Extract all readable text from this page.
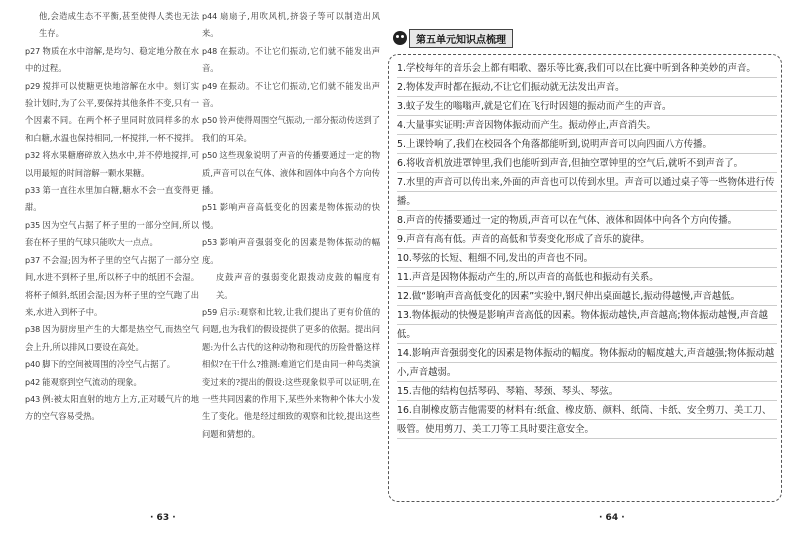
他,会造成生态不平衡,甚至使得人类也无法生存。

p27 物质在水中溶解,是均匀、稳定地分散在水中的过程。

p29 搅拌可以使糖更快地溶解在水中。刻订实验计划时,为了公平,要保持其他条件不变,只有一个因素不同。在两个杯子里同时放同样多的水和白糖,水温也保持相同,一杯搅拌,一杯不搅拌。

p32 将水果糖磨碎放入热水中,并不停地搅拌,可以用最短的时间溶解一颗水果糖。

p33 第一直往水里加白糖,糖水不会一直变得更甜。

p35 因为空气占据了杯子里的一部分空间,所以套在杯子里的气球只能吹大一点点。

p37 不会湿;因为杯子里的空气占据了一部分空间,水进不到杯子里,所以杯子中的纸团不会湿。将杯子倾斜,纸团会湿;因为杯子里的空气跑了出来,水进入到杯子中。

p38 因为厨房里产生的大都是热空气,而热空气会上升,所以排风口要设在高处。

p40 脚下的空间被周围的冷空气占据了。

p42 能观察到空气流动的现象。

p43 例:被太阳直射的地方上方,正对暖气片的地方的空气容易受热。

p44 扇扇子,用吹风机,挤袋子等可以制造出风来。

p48 在振动。不让它们振动,它们就不能发出声音。

p49 在振动。不让它们振动,它们就不能发出声音。

p50 铃声使得周围空气振动,一部分振动传送到了我们的耳朵。

p50 这些现象说明了声音的传播要通过一定的物质,声音可以在气体、液体和固体中向各个方向传播。

p51 影响声音高低变化的因素是物体振动的快慢。

p53 影响声音强弱变化的因素是物体振动的幅度。

皮鼓声音的强弱变化跟拨动皮鼓的幅度有关。

p59 启示:观察和比较,让我们提出了更有价值的问题,也为我们的假设提供了更多的依据。提出问题:为什么古代的这种动物和现代的历险骨骼这样相似?在干什么?推测:难道它们是由同一种鸟类演变过来的?提出的假设:这些现象似乎可以证明,在一些共同因素的作用下,某些外来物种个体大小发生了变化。他是经过细致的观察和比较,提出这些问题和猜想的。

· 63 ·
第五单元知识点梳理

1.学校每年的音乐会上都有唱歌、器乐等比赛,我们可以在比赛中听到各种美妙的声音。

2.物体发声时都在振动,不让它们振动就无法发出声音。

3.蚊子发生的嗡嗡声,就是它们在飞行时因翅的振动而产生的声音。

4.大量事实证明:声音因物体振动而产生。振动停止,声音消失。

5.上课铃响了,我们在校园各个角落都能听到,说明声音可以向四面八方传播。

6.将收音机放进罩钟里,我们也能听到声音,但抽空罩钟里的空气后,就听不到声音了。

7.水里的声音可以传出来,外面的声音也可以传到水里。声音可以通过桌子等一些物体进行传播。

8.声音的传播要通过一定的物质,声音可以在气体、液体和固体中向各个方向传播。

9.声音有高有低。声音的高低和节奏变化形成了音乐的旋律。

10.琴弦的长短、粗细不同,发出的声音也不同。

11.声音是因物体振动产生的,所以声音的高低也和振动有关系。

12.做“影响声音高低变化的因素”实验中,钢尺伸出桌面越长,振动得越慢,声音越低。

13.物体振动的快慢是影响声音高低的因素。物体振动越快,声音越高;物体振动越慢,声音越低。

14.影响声音强弱变化的因素是物体振动的幅度。物体振动的幅度越大,声音越强;物体振动越小,声音越弱。

15.吉他的结构包括琴码、琴箱、琴颈、琴头、琴弦。

16.自制橡皮筋吉他需要的材料有:纸盒、橡皮筋、颜料、纸筒、卡纸、安全剪刀、美工刀、吸管。使用剪刀、美工刀等工具时要注意安全。

· 64 ·
